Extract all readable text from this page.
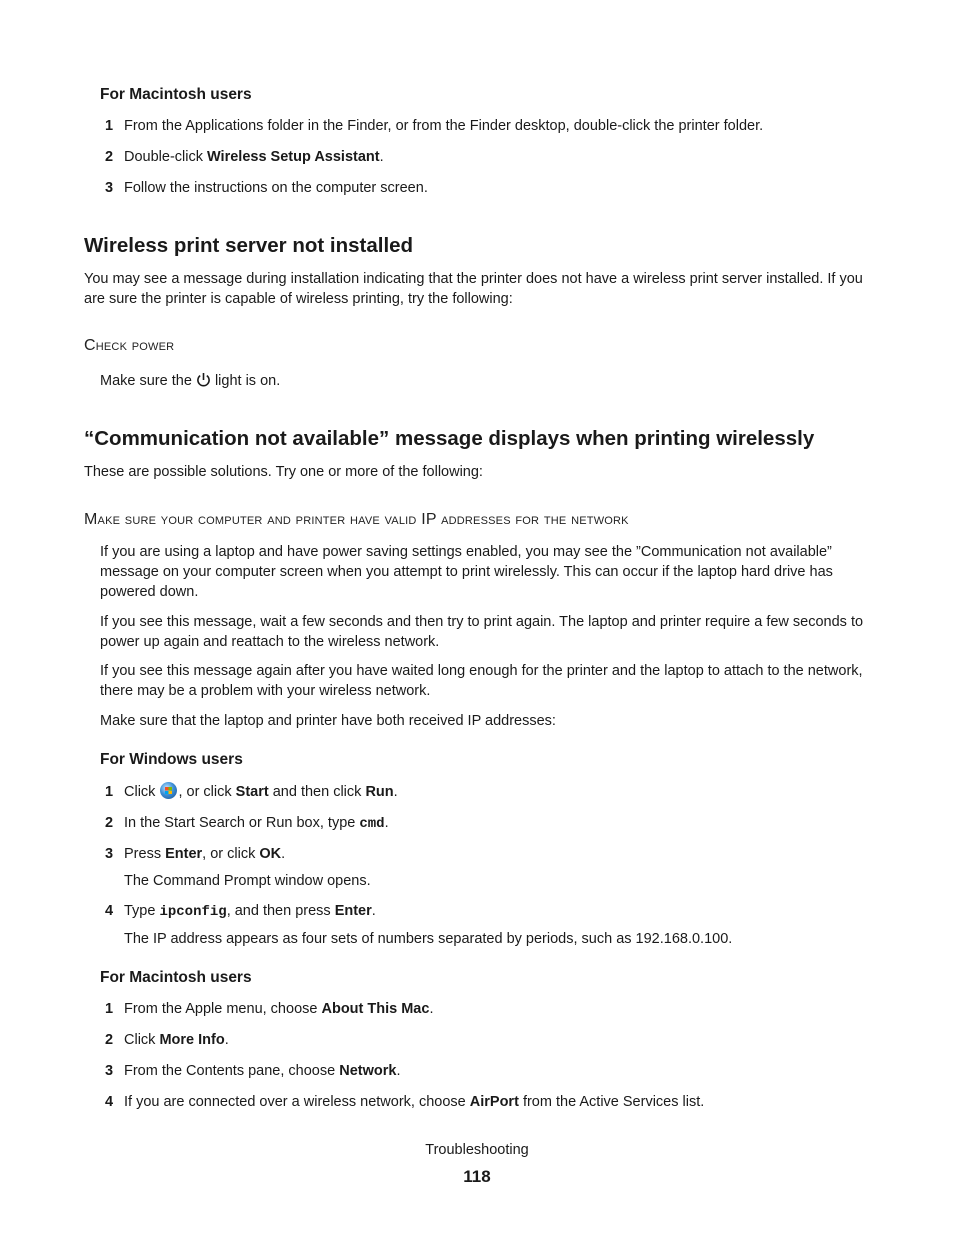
For Macintosh users

1 From the Applications folder in the Finder, or from the Finder desktop, double-click the printer folder.
2 Double-click Wireless Setup Assistant.
3 Follow the instructions on the computer screen.
Wireless print server not installed

You may see a message during installation indicating that the printer does not have a wireless print server installed. If you are sure the printer is capable of wireless printing, try the following:

Check power

Make sure the light is on.

“Communication not available” message displays when printing wirelessly

These are possible solutions. Try one or more of the following:

Make sure your computer and printer have valid IP addresses for the network

If you are using a laptop and have power saving settings enabled, you may see the ”Communication not available” message on your computer screen when you attempt to print wirelessly. This can occur if the laptop hard drive has powered down.

If you see this message, wait a few seconds and then try to print again. The laptop and printer require a few seconds to power up again and reattach to the wireless network.

If you see this message again after you have waited long enough for the printer and the laptop to attach to the network, there may be a problem with your wireless network.

Make sure that the laptop and printer have both received IP addresses:

For Windows users

1 Click , or click Start and then click Run.
2 In the Start Search or Run box, type cmd.
3 Press Enter, or click OK.

The Command Prompt window opens.

4 Type ipconfig, and then press Enter.

The IP address appears as four sets of numbers separated by periods, such as 192.168.0.100.

For Macintosh users

1 From the Apple menu, choose About This Mac.
2 Click More Info.
3 From the Contents pane, choose Network.
4 If you are connected over a wireless network, choose AirPort from the Active Services list.

Troubleshooting

118
